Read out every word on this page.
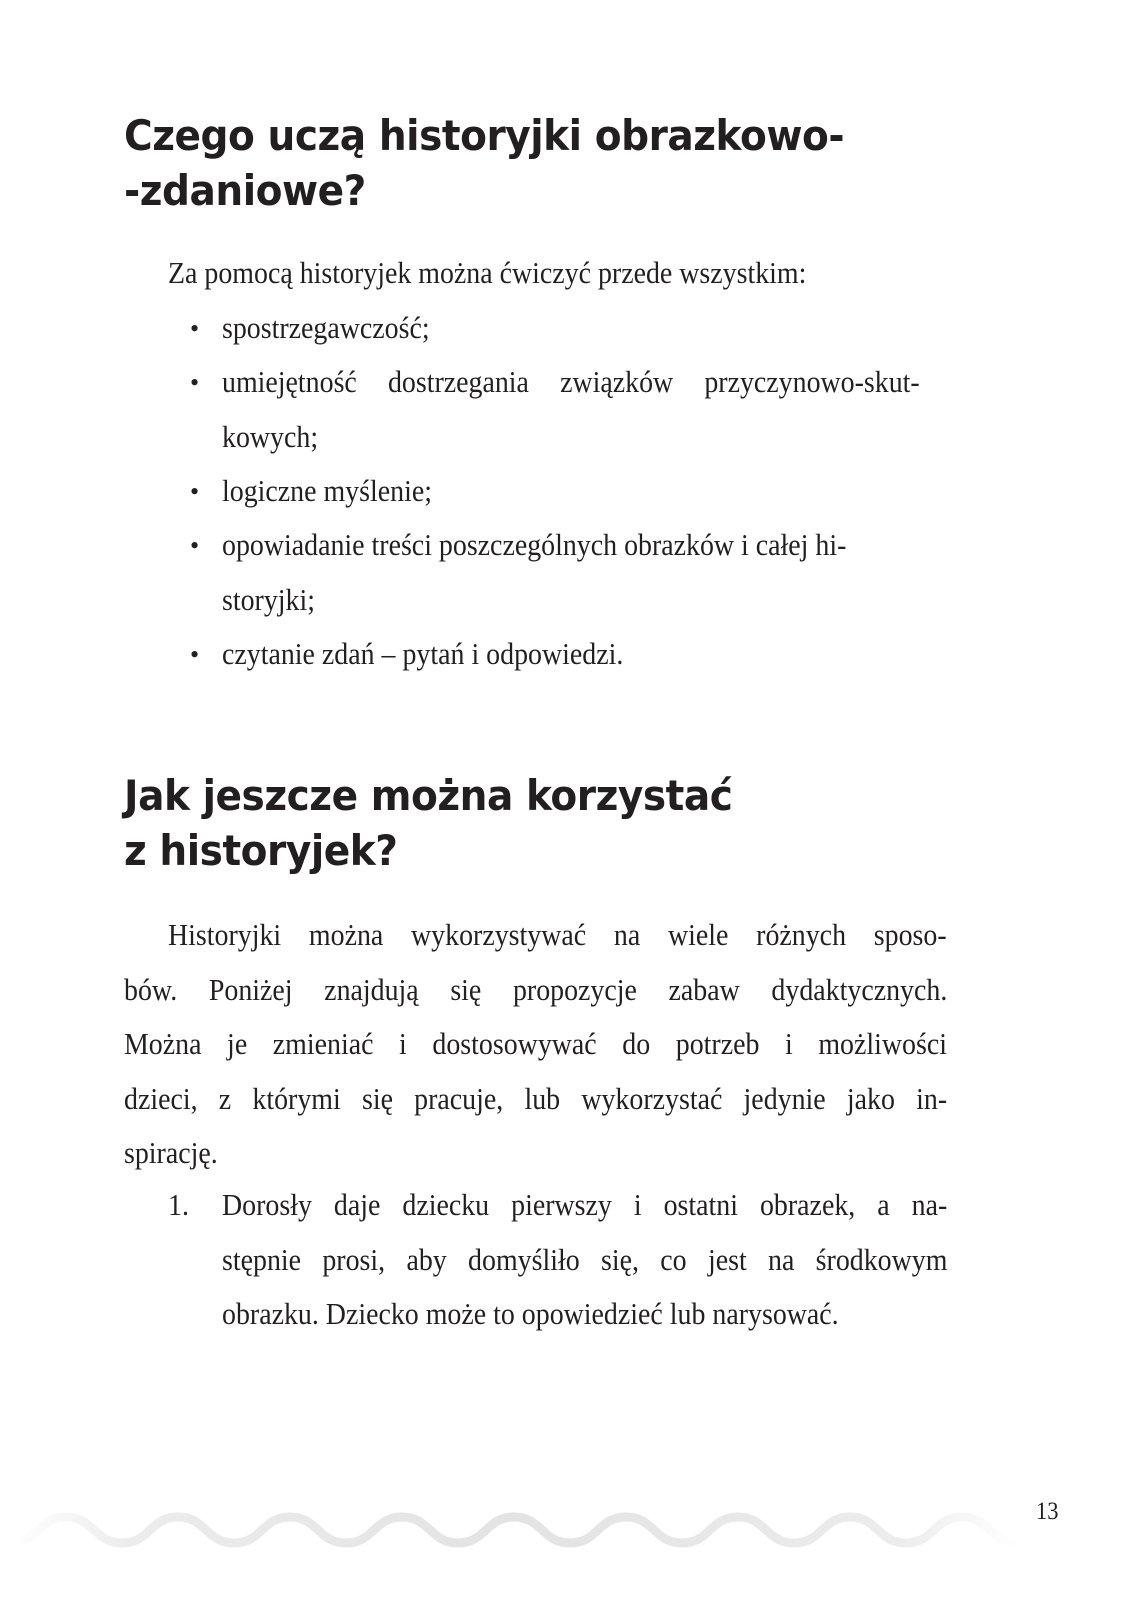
Czego uczą historyjki obrazkowo-
-zdaniowe?
Za pomocą historyjek można ćwiczyć przede wszystkim:
• spostrzegawczość;
• umiejętność dostrzegania związków przyczynowo-skut-
kowych;
• logiczne myślenie;
• opowiadanie treści poszczególnych obrazków i całej hi-
storyjki;
• czytanie zdań – pytań i odpowiedzi.
Jak jeszcze można korzystać
z historyjek?
Historyjki można wykorzystywać na wiele różnych sposo-
bów. Poniżej znajdują się propozycje zabaw dydaktycznych.
Można je zmieniać i dostosowywać do potrzeb i możliwości
dzieci, z którymi się pracuje, lub wykorzystać jedynie jako in-
spirację.
1. Dorosły daje dziecku pierwszy i ostatni obrazek, a na-
stępnie prosi, aby domyśliło się, co jest na środkowym
obrazku. Dziecko może to opowiedzieć lub narysować.
13
